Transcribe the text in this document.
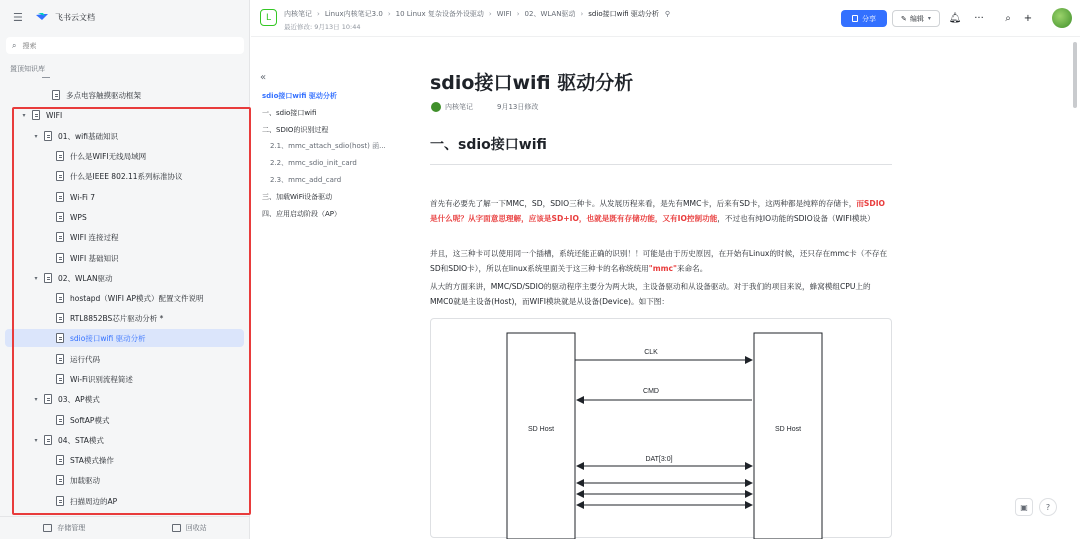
☰	飞书云文档
⌕
搜索
置顶知识库
多点电容触摸驱动框架
▾	WIFI
▾	01、wifi基础知识
什么是WIFI无线局域网
什么是IEEE 802.11系列标准协议
Wi-Fi 7
WPS
WIFI 连接过程
WIFI 基础知识
▾	02、WLAN驱动
hostapd（WIFI AP模式）配置文件说明
RTL8852BS芯片驱动分析 *
sdio接口wifi 驱动分析
运行代码
Wi-Fi识别流程简述
▾	03、AP模式
SoftAP模式
▾	04、STA模式
STA模式操作
加载驱动
扫描周边的AP
存储管理	回收站
L	内核笔记 › Linux内核笔记3.0 › 10 Linux 复杂设备外设驱动 › WIFI › 02、WLAN驱动 › sdio接口wifi 驱动分析 ⚲
最近修改: 9月13日 10:44
分享	✎ 编辑 ▾ 🔔︎ ···	⌕	+
«
sdio接口wifi 驱动分析
一、sdio接口wifi
二、SDIO的识别过程
2.1、mmc_attach_sdio(host) 函...
2.2、mmc_sdio_init_card
2.3、mmc_add_card
三、加载WiFi设备驱动
四、应用启动阶段（AP）
sdio接口wifi 驱动分析
内核笔记	9月13日修改
一、sdio接口wifi
首先有必要先了解一下MMC，SD，SDIO三种卡。从发展历程来看，是先有MMC卡，后来有SD卡，这两种都是纯粹的存储卡，而SDIO是什么呢？从字面意思理解，应该是SD+IO，也就是既有存储功能，又有IO控制功能，不过也有纯IO功能的SDIO设备（WIFI模块）
并且，这三种卡可以使用同一个插槽，系统还能正确的识别！！可能是由于历史原因，在开始有Linux的时候，还只存在mmc卡（不存在SD和SDIO卡），所以在linux系统里面关于这三种卡的名称统统用"mmc"来命名。
从大的方面来讲，MMC/SD/SDIO的驱动程序主要分为两大块，主设备驱动和从设备驱动。对于我们的项目来说，蜂窝模组CPU上的MMC0就是主设备(Host)，而WIFI模块就是从设备(Device)。如下图：
SD Host	SD Host
CLK
CMD
DAT[3:0]
▣	?
